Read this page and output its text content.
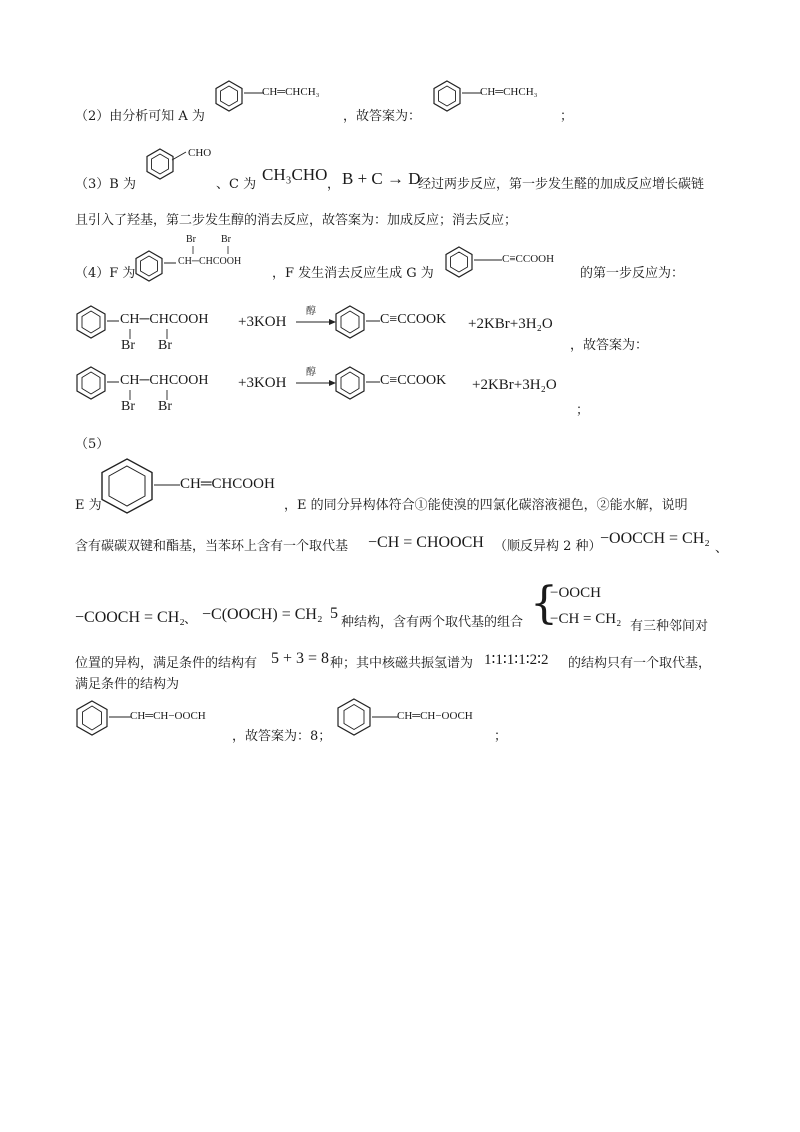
CH═CHCH₃
（2）由分析可知 A 为	，故答案为：
CH═CHCH₃
；
CHO
（3）B 为	、C 为
CH₃CHO
， B + C → D
经过两步反应，第一步发生醛的加成反应增长碳链
且引入了羟基，第二步发生醇的消去反应，故答案为：加成反应；消去反应；
（4）F 为
Br	Br
CH─CHCOOH
，F 发生消去反应生成 G 为
C≡CCOOH
的第一步反应为：
CH─CHCOOH
Br Br
+3KOH
醇
C≡CCOOK +2KBr+3H₂O
，故答案为：
CH─CHCOOH
Br Br
+3KOH
醇
C≡CCOOK +2KBr+3H₂O
；
（5）
CH═CHCOOH
E 为	，E 的同分异构体符合①能使溴的四氯化碳溶液褪色，②能水解，说明
含有碳碳双键和酯基，当苯环上含有一个取代基 −CH = CHOOCH （顺反异构 2 种）
−OOCCH = CH₂
、
−COOCH = CH₂ 、 −C(OOCH) = CH₂ 5
种结构，含有两个取代基的组合 {
−OOCH
−CH = CH₂ 有三种邻间对
位置的异构，满足条件的结构有 5 + 3 = 8 种；其中核磁共振氢谱为 1∶1∶1∶1∶2∶2 的结构只有一个取代基，
满足条件的结构为
CH═CH−OOCH
，故答案为：8；
CH═CH−OOCH
；
